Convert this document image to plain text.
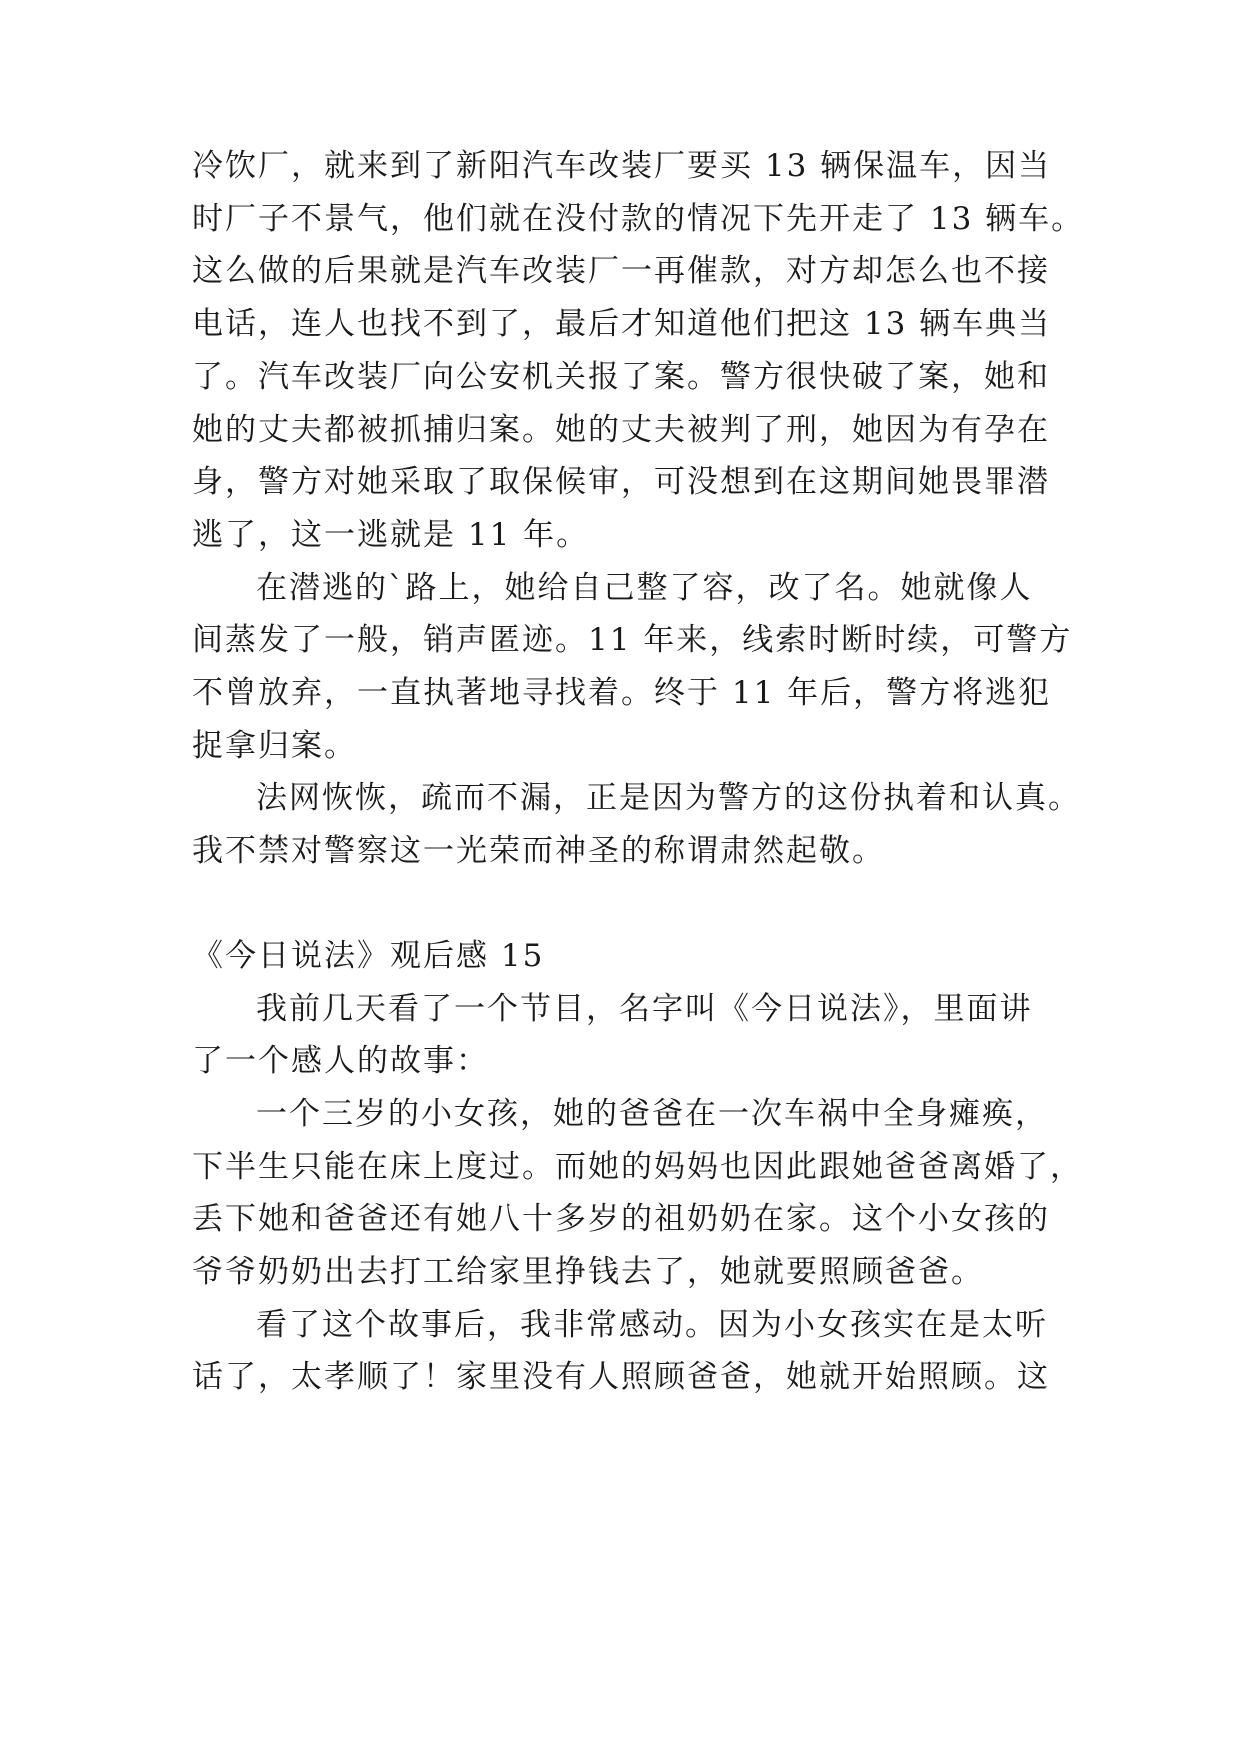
冷饮厂，就来到了新阳汽车改装厂要买 13 辆保温车，因当
时厂子不景气，他们就在没付款的情况下先开走了 13 辆车。
这么做的后果就是汽车改装厂一再催款，对方却怎么也不接
电话，连人也找不到了，最后才知道他们把这 13 辆车典当
了。汽车改装厂向公安机关报了案。警方很快破了案，她和
她的丈夫都被抓捕归案。她的丈夫被判了刑，她因为有孕在
身，警方对她采取了取保候审，可没想到在这期间她畏罪潜
逃了，这一逃就是 11 年。
在潜逃的`路上，她给自己整了容，改了名。她就像人
间蒸发了一般，销声匿迹。11 年来，线索时断时续，可警方
不曾放弃，一直执著地寻找着。终于 11 年后，警方将逃犯
捉拿归案。
法网恢恢，疏而不漏，正是因为警方的这份执着和认真。
我不禁对警察这一光荣而神圣的称谓肃然起敬。
《今日说法》观后感 15
我前几天看了一个节目，名字叫《今日说法》，里面讲
了一个感人的故事：
一个三岁的小女孩，她的爸爸在一次车祸中全身瘫痪，
下半生只能在床上度过。而她的妈妈也因此跟她爸爸离婚了，
丢下她和爸爸还有她八十多岁的祖奶奶在家。这个小女孩的
爷爷奶奶出去打工给家里挣钱去了，她就要照顾爸爸。
看了这个故事后，我非常感动。因为小女孩实在是太听
话了，太孝顺了！家里没有人照顾爸爸，她就开始照顾。这
